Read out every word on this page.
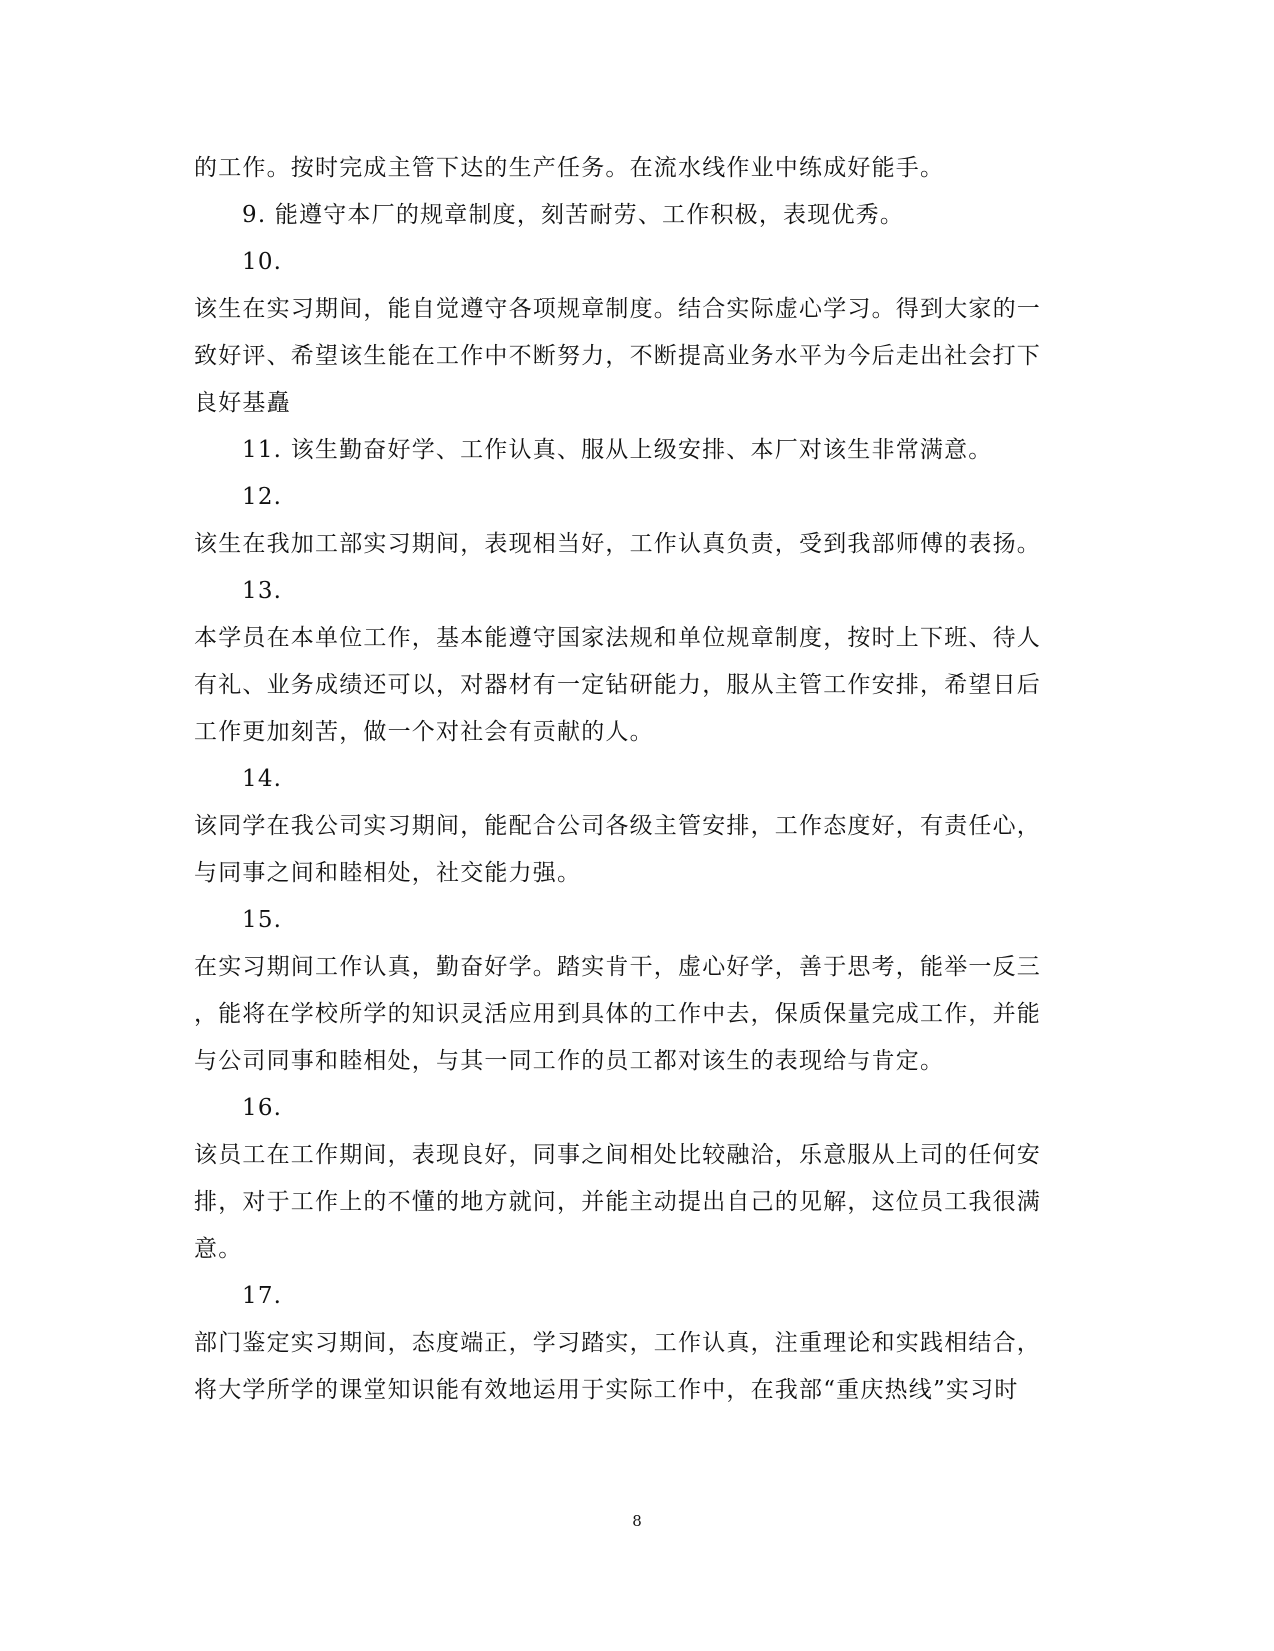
的工作。按时完成主管下达的生产任务。在流水线作业中练成好能手。
9. 能遵守本厂的规章制度，刻苦耐劳、工作积极，表现优秀。
10.
该生在实习期间，能自觉遵守各项规章制度。结合实际虚心学习。得到大家的一
致好评、希望该生能在工作中不断努力，不断提高业务水平为今后走出社会打下
良好基矗
11. 该生勤奋好学、工作认真、服从上级安排、本厂对该生非常满意。
12.
该生在我加工部实习期间，表现相当好，工作认真负责，受到我部师傅的表扬。
13.
本学员在本单位工作，基本能遵守国家法规和单位规章制度，按时上下班、待人
有礼、业务成绩还可以，对器材有一定钻研能力，服从主管工作安排，希望日后
工作更加刻苦，做一个对社会有贡献的人。
14.
该同学在我公司实习期间，能配合公司各级主管安排，工作态度好，有责任心，
与同事之间和睦相处，社交能力强。
15.
在实习期间工作认真，勤奋好学。踏实肯干，虚心好学，善于思考，能举一反三
，能将在学校所学的知识灵活应用到具体的工作中去，保质保量完成工作，并能
与公司同事和睦相处，与其一同工作的员工都对该生的表现给与肯定。
16.
该员工在工作期间，表现良好，同事之间相处比较融洽，乐意服从上司的任何安
排，对于工作上的不懂的地方就问，并能主动提出自己的见解，这位员工我很满
意。
17.
部门鉴定实习期间，态度端正，学习踏实，工作认真，注重理论和实践相结合，
将大学所学的课堂知识能有效地运用于实际工作中，在我部“重庆热线”实习时
8
